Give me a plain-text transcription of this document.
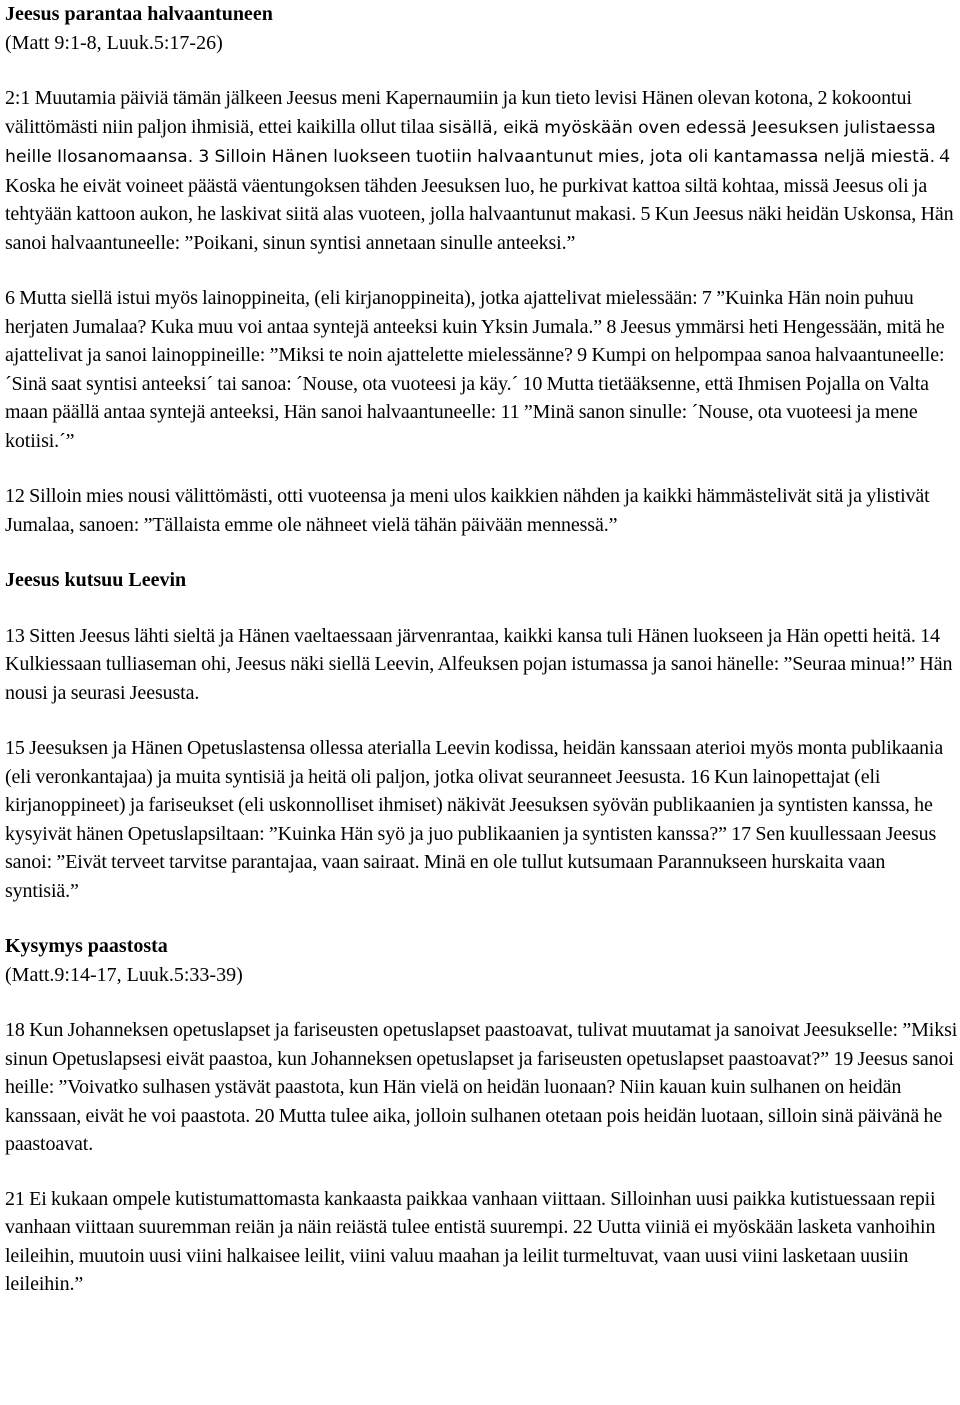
Jeesus parantaa halvaantuneen
(Matt 9:1-8, Luuk.5:17-26)

2:1 Muutamia päiviä tämän jälkeen Jeesus meni Kapernaumiin ja kun tieto levisi Hänen olevan kotona, 2 kokoontui välittömästi niin paljon ihmisiä, ettei kaikilla ollut tilaa sisällä, eikä myöskään oven edessä Jeesuksen julistaessa heille Ilosanomaansa. 3 Silloin Hänen luokseen tuotiin halvaantunut mies, jota oli kantamassa neljä miestä. 4 Koska he eivät voineet päästä väentungoksen tähden Jeesuksen luo, he purkivat kattoa siltä kohtaa, missä Jeesus oli ja tehtyään kattoon aukon, he laskivat siitä alas vuoteen, jolla halvaantunut makasi. 5 Kun Jeesus näki heidän Uskonsa, Hän sanoi halvaantuneelle: ”Poikani, sinun syntisi annetaan sinulle anteeksi.”

6 Mutta siellä istui myös lainoppineita, (eli kirjanoppineita), jotka ajattelivat mielessään: 7 ”Kuinka Hän noin puhuu herjaten Jumalaa? Kuka muu voi antaa syntejä anteeksi kuin Yksin Jumala.” 8 Jeesus ymmärsi heti Hengessään, mitä he ajattelivat ja sanoi lainoppineille: ”Miksi te noin ajattelette mielessänne? 9 Kumpi on helpompaa sanoa halvaantuneelle: ´Sinä saat syntisi anteeksi´ tai sanoa: ´Nouse, ota vuoteesi ja käy.´ 10 Mutta tietääksenne, että Ihmisen Pojalla on Valta maan päällä antaa syntejä anteeksi, Hän sanoi halvaantuneelle: 11 ”Minä sanon sinulle: ´Nouse, ota vuoteesi ja mene kotiisi.´”

12 Silloin mies nousi välittömästi, otti vuoteensa ja meni ulos kaikkien nähden ja kaikki hämmästelivät sitä ja ylistivät Jumalaa, sanoen: ”Tällaista emme ole nähneet vielä tähän päivään mennessä.”

Jeesus kutsuu Leevin

13 Sitten Jeesus lähti sieltä ja Hänen vaeltaessaan järvenrantaa, kaikki kansa tuli Hänen luokseen ja Hän opetti heitä. 14 Kulkiessaan tulliaseman ohi, Jeesus näki siellä Leevin, Alfeuksen pojan istumassa ja sanoi hänelle: ”Seuraa minua!” Hän nousi ja seurasi Jeesusta.

15 Jeesuksen ja Hänen Opetuslastensa ollessa aterialla Leevin kodissa, heidän kanssaan aterioi myös monta publikaania (eli veronkantajaa) ja muita syntisiä ja heitä oli paljon, jotka olivat seuranneet Jeesusta. 16 Kun lainopettajat (eli kirjanoppineet) ja fariseukset (eli uskonnolliset ihmiset) näkivät Jeesuksen syövän publikaanien ja syntisten kanssa, he kysyivät hänen Opetuslapsiltaan: ”Kuinka Hän syö ja juo publikaanien ja syntisten kanssa?” 17 Sen kuullessaan Jeesus sanoi: ”Eivät terveet tarvitse parantajaa, vaan sairaat. Minä en ole tullut kutsumaan Parannukseen hurskaita vaan syntisiä.”

Kysymys paastosta
(Matt.9:14-17, Luuk.5:33-39)

18 Kun Johanneksen opetuslapset ja fariseusten opetuslapset paastoavat, tulivat muutamat ja sanoivat Jeesukselle: ”Miksi sinun Opetuslapsesi eivät paastoa, kun Johanneksen opetuslapset ja fariseusten opetuslapset paastoavat?” 19 Jeesus sanoi heille: ”Voivatko sulhasen ystävät paastota, kun Hän vielä on heidän luonaan? Niin kauan kuin sulhanen on heidän kanssaan, eivät he voi paastota. 20 Mutta tulee aika, jolloin sulhanen otetaan pois heidän luotaan, silloin sinä päivänä he paastoavat.

21 Ei kukaan ompele kutistumattomasta kankaasta paikkaa vanhaan viittaan. Silloinhan uusi paikka kutistuessaan repii vanhaan viittaan suuremman reiän ja näin reiästä tulee entistä suurempi. 22 Uutta viiniä ei myöskään lasketa vanhoihin leileihin, muutoin uusi viini halkaisee leilit, viini valuu maahan ja leilit turmeltuvat, vaan uusi viini lasketaan uusiin leileihin.”
